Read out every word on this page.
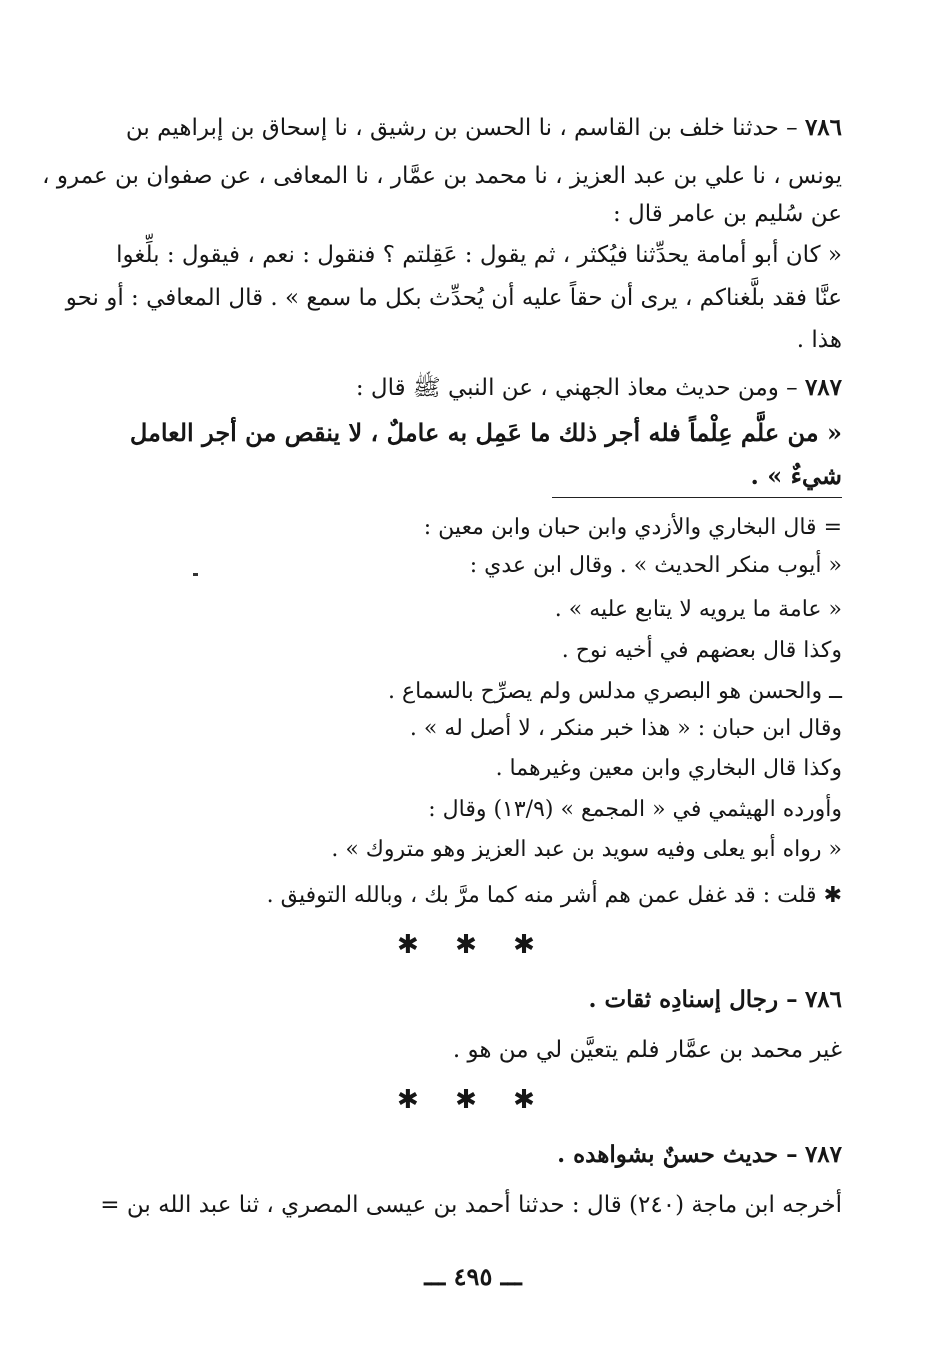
٧٨٦ – حدثنا خلف بن القاسم ، نا الحسن بن رشيق ، نا إسحاق بن إبراهيم بن
يونس ، نا علي بن عبد العزيز ، نا محمد بن عمَّار ، نا المعافى ، عن صفوان بن عمرو ،
عن سُليم بن عامر قال :
« كان أبو أمامة يحدِّثنا فيُكثر ، ثم يقول : عَقِلتم ؟ فنقول : نعم ، فيقول : بلِّغوا
عنَّا فقد بلَّغناكم ، يرى أن حقاً عليه أن يُحدِّث بكل ما سمع » . قال المعافي : أو نحو
هذا .
٧٨٧ – ومن حديث معاذ الجهني ، عن النبي ﷺ قال :
« من علَّم عِلْماً فله أجر ذلك ما عَمِل به عاملٌ ، لا ينقص من أجر العامل
شيءٌ » .
= قال البخاري والأزدي وابن حبان وابن معين :
« أيوب منكر الحديث » . وقال ابن عدي :
« عامة ما يرويه لا يتابع عليه » .
وكذا قال بعضهم في أخيه نوح .
ــ والحسن هو البصري مدلس ولم يصرِّح بالسماع .
وقال ابن حبان : « هذا خبر منكر ، لا أصل له » .
وكذا قال البخاري وابن معين وغيرهما .
وأورده الهيثمي في « المجمع » (١٣/٩) وقال :
« رواه أبو يعلى وفيه سويد بن عبد العزيز وهو متروك » .
✱ قلت : قد غفل عمن هم أشر منه كما مرَّ بك ، وبالله التوفيق .
✱ ✱ ✱
٧٨٦ – رجال إسنادِه ثقات .
غير محمد بن عمَّار فلم يتعيَّن لي من هو .
✱ ✱ ✱
٧٨٧ – حديث حسنٌ بشواهده .
أخرجه ابن ماجة (٢٤٠) قال : حدثنا أحمد بن عيسى المصري ، ثنا عبد الله بن =
ـــ ٤٩٥ ـــ
